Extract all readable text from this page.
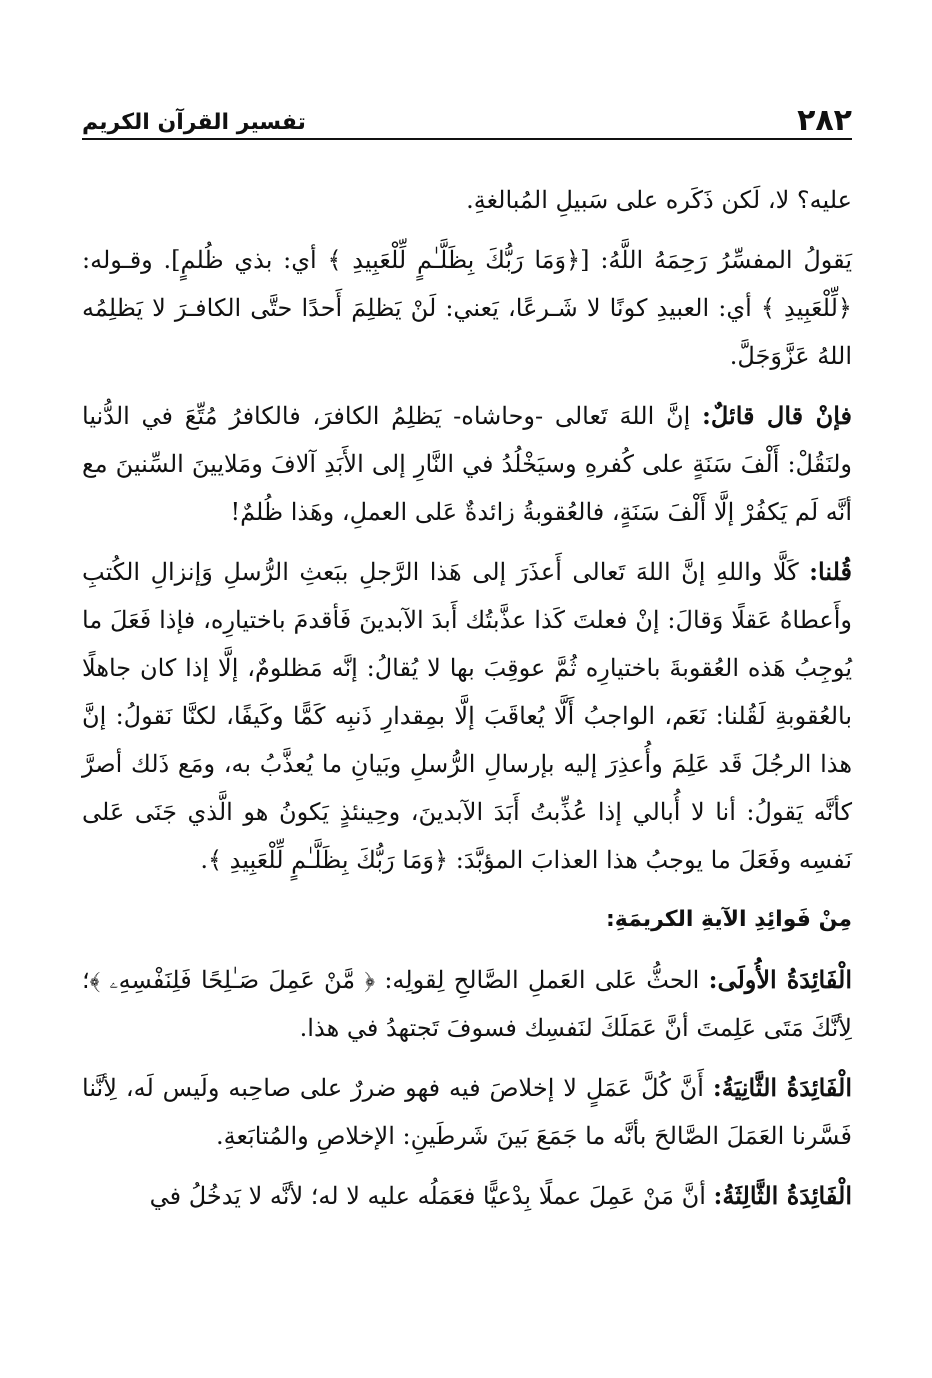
٢٨٢
تفسير القرآن الكريم

عليه؟ لا، لَكن ذَكَره على سَبيلِ المُبالغةِ.

يَقولُ المفسِّرُ رَحِمَهُ اللَّهُ: [﴿وَمَا رَبُّكَ بِظَلَّـٰمٍ لِّلْعَبِيدِ ﴾ أي: بذي ظُلمٍ]. وقـوله: ﴿لِّلْعَبِيدِ ﴾ أي: العبيدِ كونًا لا شَـرعًا، يَعني: لَنْ يَظلِمَ أَحدًا حتَّى الكافـرَ لا يَظلِمُه اللهُ عَزَّوَجَلَّ.

فإنْ قال قائلٌ: إنَّ اللهَ تَعالى -وحاشاه- يَظلِمُ الكافرَ، فالكافرُ مُتِّعَ في الدُّنيا ولنَقُلْ: أَلْفَ سَنَةٍ على كُفرهِ وسيَخْلُدُ في النَّارِ إلى الأَبَدِ آلافَ ومَلايينَ السِّنينَ مع أنَّه لَم يَكفُرْ إلَّا أَلْفَ سَنَةٍ، فالعُقوبةُ زائدةٌ عَلى العملِ، وهَذا ظُلمٌ!

قُلنا: كَلَّا واللهِ إنَّ اللهَ تَعالى أَعذَرَ إلى هَذا الرَّجلِ ببَعثِ الرُّسلِ وَإنزالِ الكُتبِ وأَعطاهُ عَقلًا وَقالَ: إنْ فعلتَ كَذا عذَّبتُك أَبدَ الآبدينَ فَأقدمَ باختيارِه، فإذا فَعَلَ ما يُوجِبُ هَذه العُقوبةَ باختيارِه ثُمَّ عوقِبَ بها لا يُقالُ: إنَّه مَظلومٌ، إلَّا إذا كان جاهلًا بالعُقوبةِ لَقُلنا: نَعَم، الواجبُ أَلَّا يُعاقَبَ إلَّا بمِقدارِ ذَنبِه كَمًّا وكَيفًا، لكنَّا نَقولُ: إنَّ هذا الرجُلَ قَد عَلِمَ وأُعذِرَ إليه بإرسالِ الرُّسلِ وبَيانِ ما يُعذَّبُ به، ومَع ذَلك أصرَّ كأنَّه يَقولُ: أنا لا أُبالي إذا عُذِّبتُ أَبَدَ الآبدينَ، وحِينئذٍ يَكونُ هو الَّذي جَنَى عَلى نَفسِه وفَعَلَ ما يوجبُ هذا العذابَ المؤبَّدَ: ﴿وَمَا رَبُّكَ بِظَلَّـٰمٍ لِّلْعَبِيدِ ﴾.

مِنْ فَوائِدِ الآيةِ الكريمَةِ:

الْفَائِدَةُ الأُولَى: الحثُّ عَلى العَملِ الصَّالحِ لِقولِه: ﴿ مَّنْ عَمِلَ صَـٰلِحًا فَلِنَفْسِهِۦ ﴾؛ لِأنَّكَ مَتَى عَلِمتَ أنَّ عَمَلَكَ لنَفسِك فسوفَ تَجتهدُ في هذا.

الْفَائِدَةُ الثَّانِيَةُ: أَنَّ كُلَّ عَمَلٍ لا إخلاصَ فيه فهو ضررٌ على صاحِبه ولَيس لَه، لِأنَّنا فَسَّرنا العَمَلَ الصَّالحَ بأنَّه ما جَمَعَ بَينَ شَرطَينِ: الإخلاصِ والمُتابَعةِ.

الْفَائِدَةُ الثَّالِثَةُ: أنَّ مَنْ عَمِلَ عملًا بِدْعيًّا فعَمَلُه عليه لا له؛ لأنَّه لا يَدخُلُ في
